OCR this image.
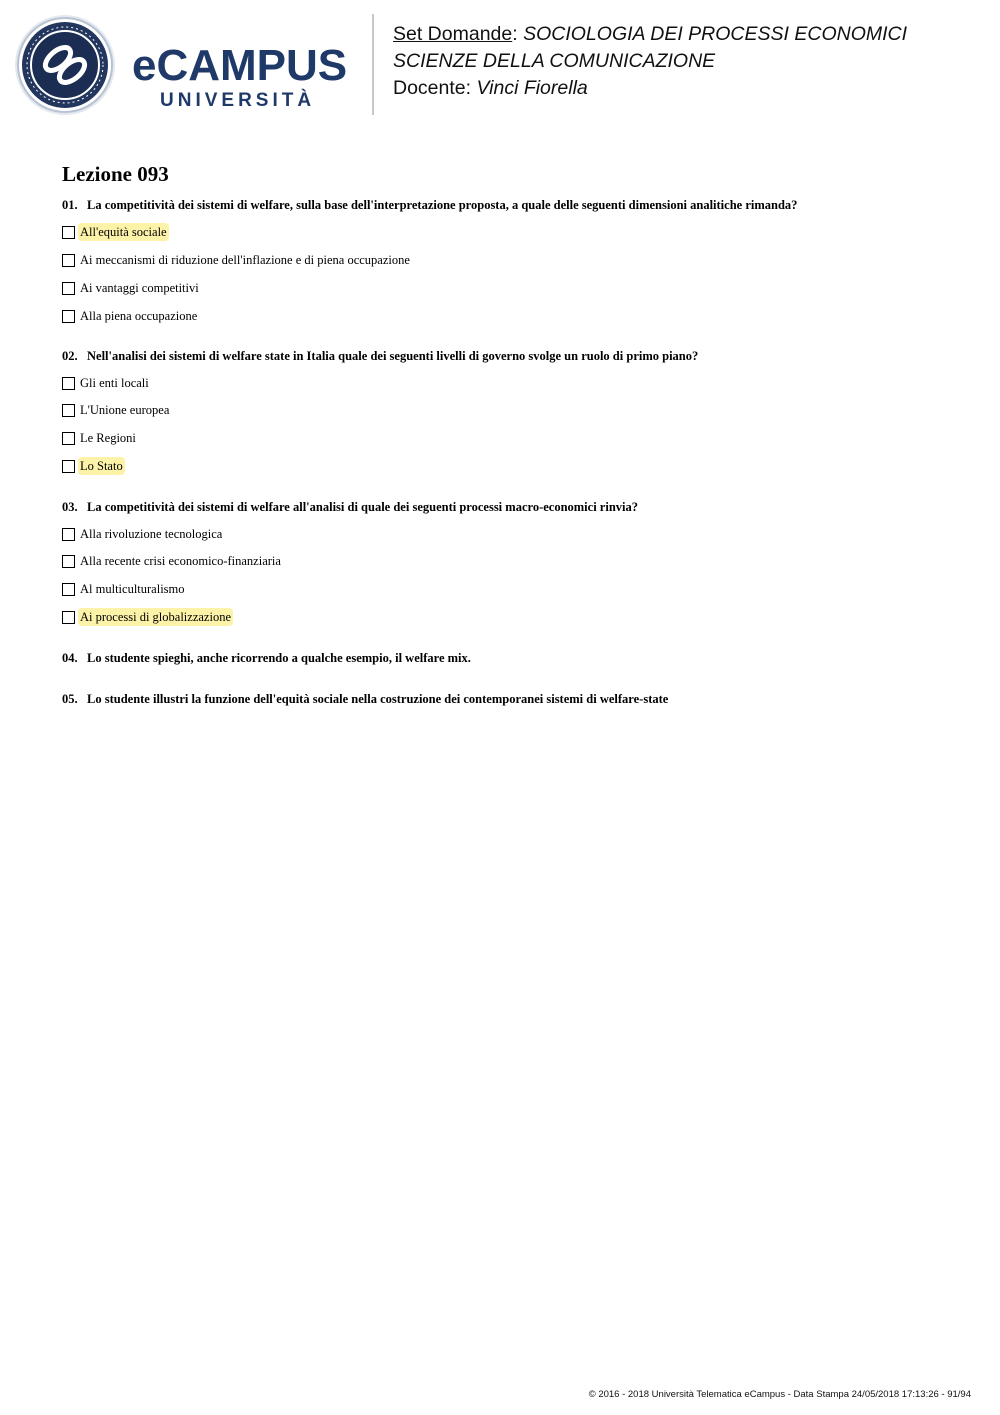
eCAMPUS
UNIVERSITÀ
Set Domande: SOCIOLOGIA DEI PROCESSI ECONOMICI
SCIENZE DELLA COMUNICAZIONE
Docente: Vinci Fiorella
Lezione 093
01. La competitività dei sistemi di welfare, sulla base dell'interpretazione proposta, a quale delle seguenti dimensioni analitiche rimanda?
All'equità sociale
Ai meccanismi di riduzione dell'inflazione e di piena occupazione
Ai vantaggi competitivi
Alla piena occupazione
02. Nell'analisi dei sistemi di welfare state in Italia quale dei seguenti livelli di governo svolge un ruolo di primo piano?
Gli enti locali
L'Unione europea
Le Regioni
Lo Stato
03. La competitività dei sistemi di welfare all'analisi di quale dei seguenti processi macro-economici rinvia?
Alla rivoluzione tecnologica
Alla recente crisi economico-finanziaria
Al multiculturalismo
Ai processi di globalizzazione
04. Lo studente spieghi, anche ricorrendo a qualche esempio, il welfare mix.
05. Lo studente illustri la funzione dell'equità sociale nella costruzione dei contemporanei sistemi di welfare-state
© 2016 - 2018 Università Telematica eCampus - Data Stampa 24/05/2018 17:13:26 - 91/94
